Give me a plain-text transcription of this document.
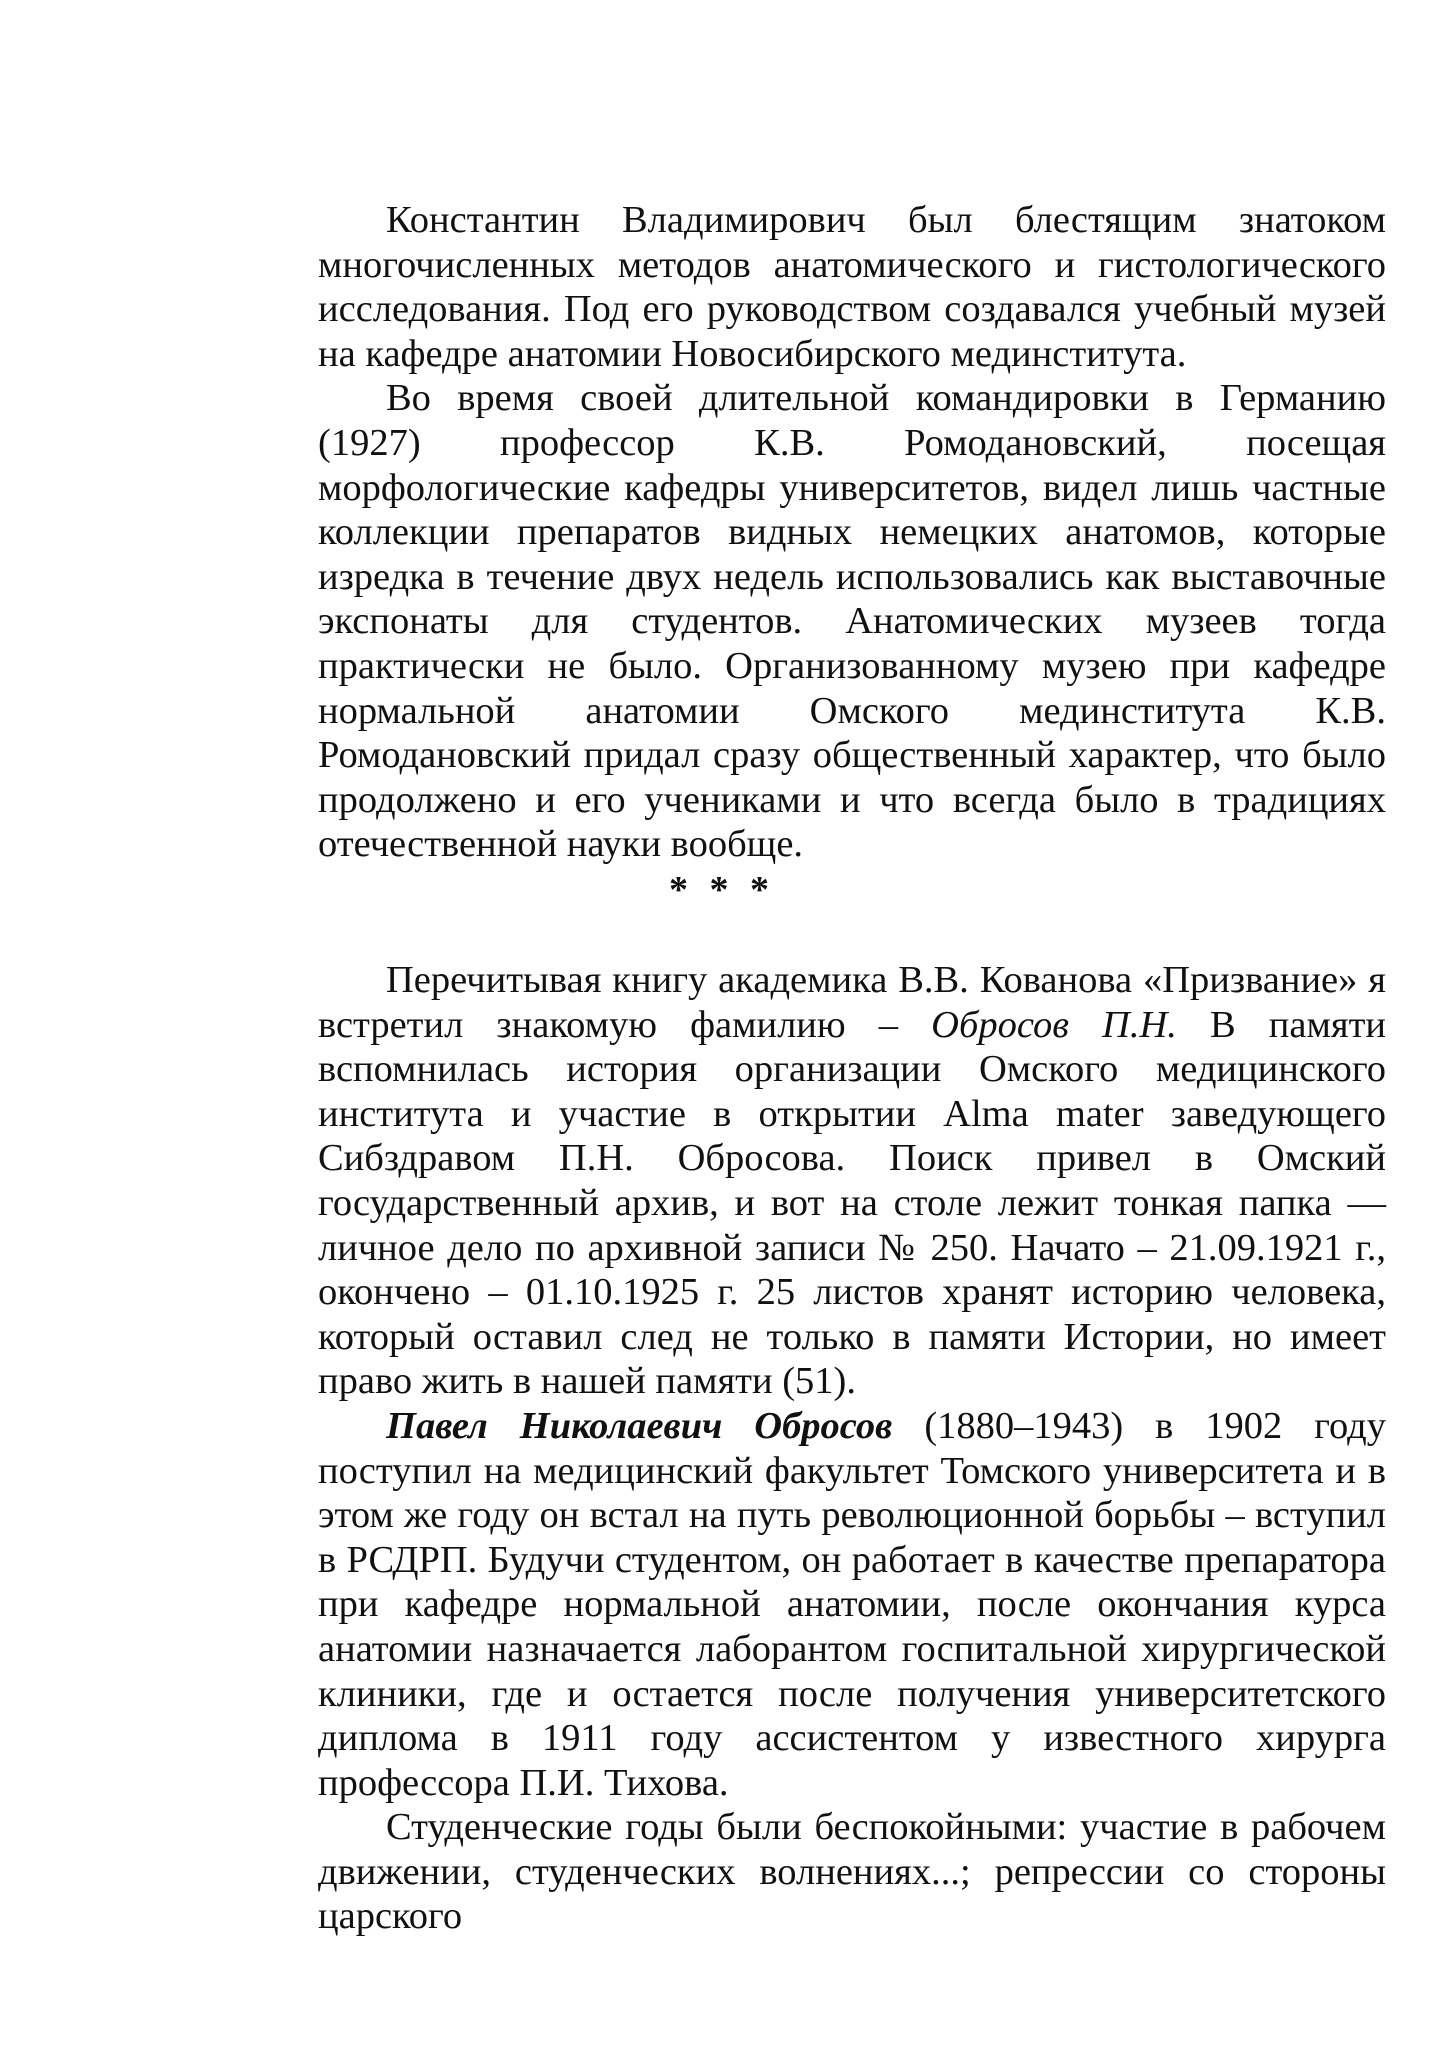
Константин Владимирович был блестящим знатоком многочисленных методов анатомического и гистологического исследования. Под его руководством создавался учебный музей на кафедре анатомии Новосибирского мединститута.

Во время своей длительной командировки в Германию (1927) профессор К.В. Ромодановский, посещая морфологические кафедры университетов, видел лишь частные коллекции препаратов видных немецких анатомов, которые изредка в течение двух недель использовались как выставочные экспонаты для студентов. Анатомических музеев тогда практически не было. Организованному музею при кафедре нормальной анатомии Омского мединститута К.В. Ромодановский придал сразу общественный характер, что было продолжено и его учениками и что всегда было в традициях отечественной науки вообще.

* * *

Перечитывая книгу академика В.В. Кованова «Призвание» я встретил знакомую фамилию – Обросов П.Н. В памяти вспомнилась история организации Омского медицинского института и участие в открытии Alma mater заведующего Сибздравом П.Н. Обросова. Поиск привел в Омский государственный архив, и вот на столе лежит тонкая папка — личное дело по архивной записи № 250. Начато – 21.09.1921 г., окончено – 01.10.1925 г. 25 листов хранят историю человека, который оставил след не только в памяти Истории, но имеет право жить в нашей памяти (51).

Павел Николаевич Обросов (1880–1943) в 1902 году поступил на медицинский факультет Томского университета и в этом же году он встал на путь революционной борьбы – вступил в РСДРП. Будучи студентом, он работает в качестве препаратора при кафедре нормальной анатомии, после окончания курса анатомии назначается лаборантом госпитальной хирургической клиники, где и остается после получения университетского диплома в 1911 году ассистентом у известного хирурга профессора П.И. Тихова.

Студенческие годы были беспокойными: участие в рабочем движении, студенческих волнениях...; репрессии со стороны царского
